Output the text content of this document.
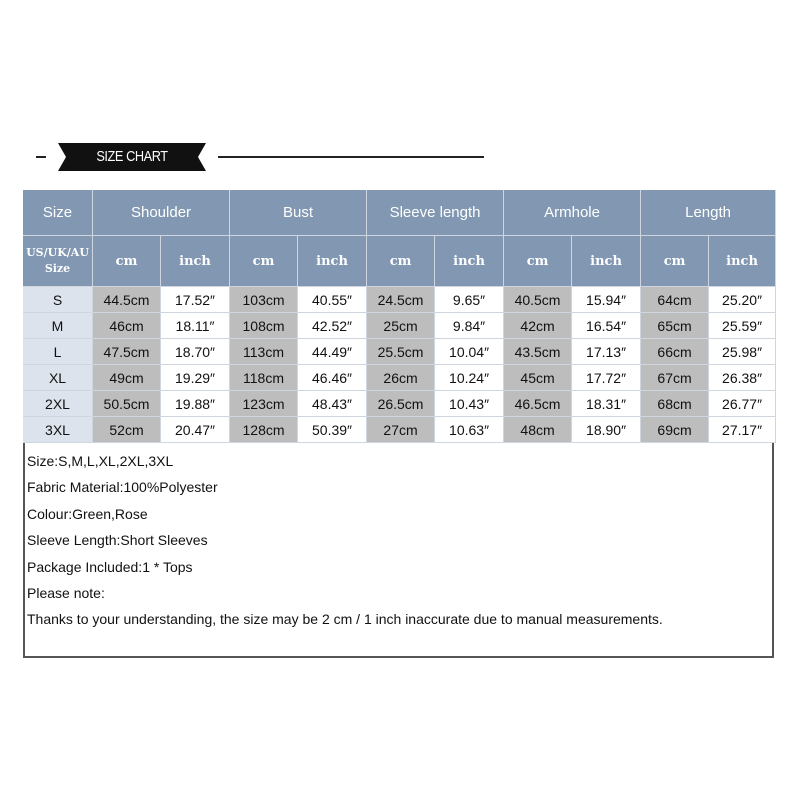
SIZE CHART
Size	Shoulder		Bust		Sleeve length		Armhole		Length	
US/UK/AU
Size	cm	inch	cm	inch	cm	inch	cm	inch	cm	inch
S	44.5cm	17.52″	103cm	40.55″	24.5cm	9.65″	40.5cm	15.94″	64cm	25.20″
M	46cm	18.11″	108cm	42.52″	25cm	9.84″	42cm	16.54″	65cm	25.59″
L	47.5cm	18.70″	113cm	44.49″	25.5cm	10.04″	43.5cm	17.13″	66cm	25.98″
XL	49cm	19.29″	118cm	46.46″	26cm	10.24″	45cm	17.72″	67cm	26.38″
2XL	50.5cm	19.88″	123cm	48.43″	26.5cm	10.43″	46.5cm	18.31″	68cm	26.77″
3XL	52cm	20.47″	128cm	50.39″	27cm	10.63″	48cm	18.90″	69cm	27.17″
Size:S,M,L,XL,2XL,3XL
Fabric Material:100%Polyester
Colour:Green,Rose
Sleeve Length:Short Sleeves
Package Included:1 * Tops
Please note:
Thanks to your understanding, the size may be 2 cm / 1 inch inaccurate due to manual measurements.
